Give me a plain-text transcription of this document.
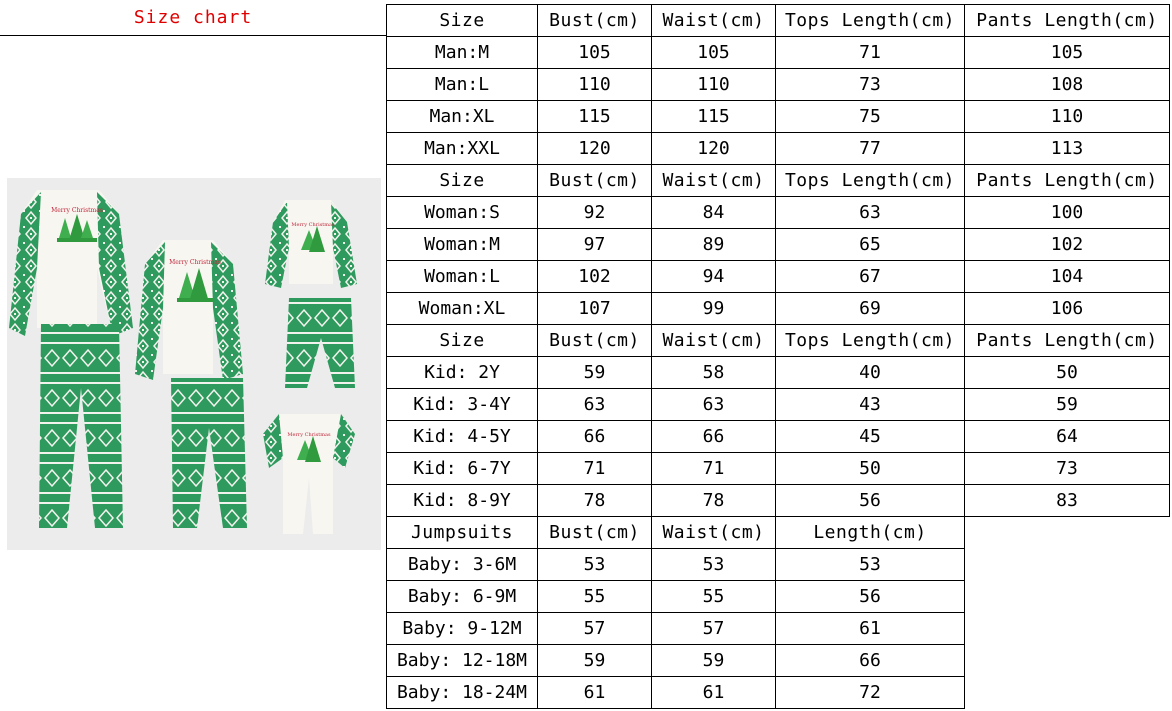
Size chart
Merry Christmas
Merry Christmas
Merry Christmas
Merry Christmas
Size	Bust(cm)	Waist(cm)	Tops Length(cm)	Pants Length(cm)
Man:M	105	105	71	105
Man:L	110	110	73	108
Man:XL	115	115	75	110
Man:XXL	120	120	77	113
Size	Bust(cm)	Waist(cm)	Tops Length(cm)	Pants Length(cm)
Woman:S	92	84	63	100
Woman:M	97	89	65	102
Woman:L	102	94	67	104
Woman:XL	107	99	69	106
Size	Bust(cm)	Waist(cm)	Tops Length(cm)	Pants Length(cm)
Kid: 2Y	59	58	40	50
Kid: 3-4Y	63	63	43	59
Kid: 4-5Y	66	66	45	64
Kid: 6-7Y	71	71	50	73
Kid: 8-9Y	78	78	56	83
Jumpsuits	Bust(cm)	Waist(cm)	Length(cm)	
Baby: 3-6M	53	53	53	
Baby: 6-9M	55	55	56	
Baby: 9-12M	57	57	61	
Baby: 12-18M	59	59	66	
Baby: 18-24M	61	61	72	
